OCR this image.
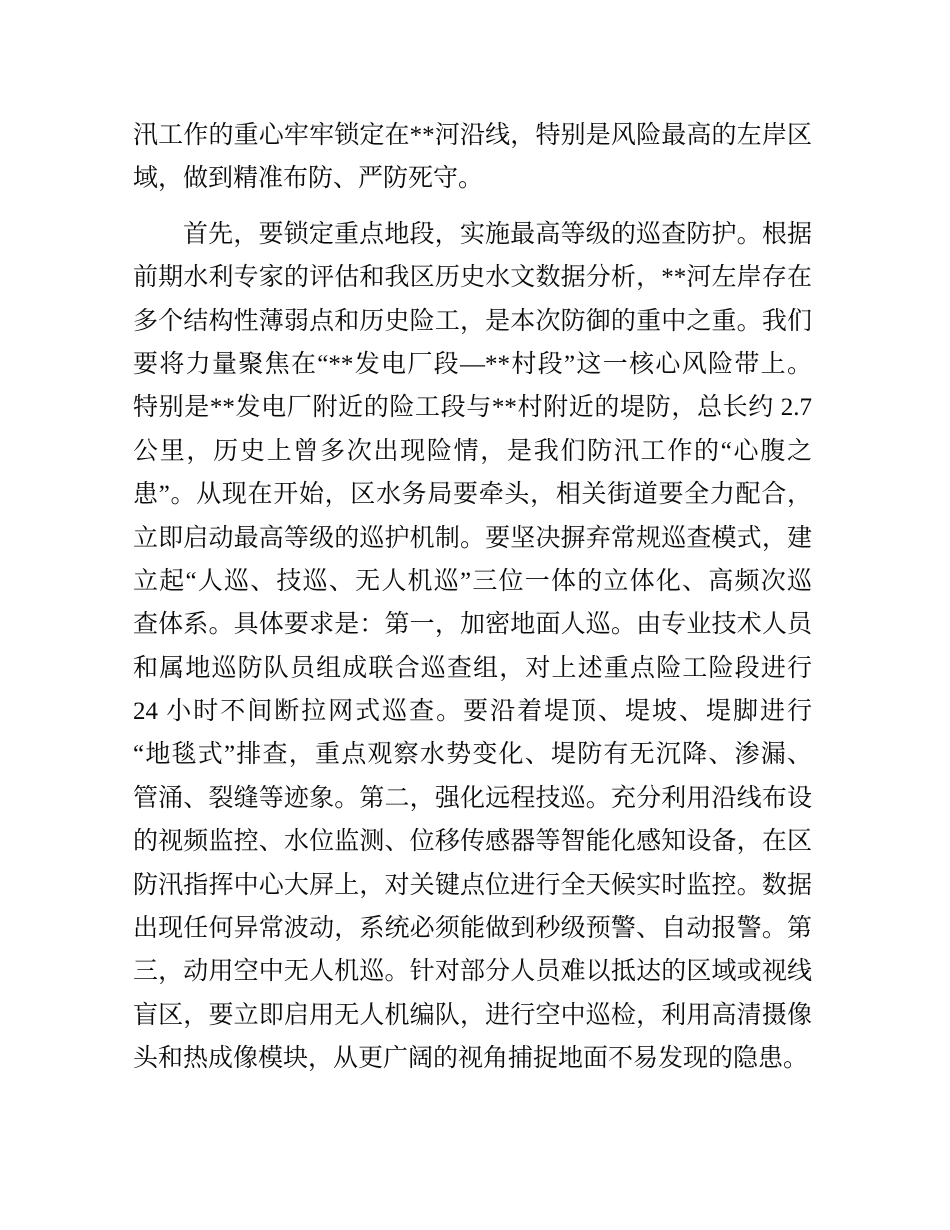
汛工作的重心牢牢锁定在**河沿线，特别是风险最高的左岸区
域，做到精准布防、严防死守。
首先，要锁定重点地段，实施最高等级的巡查防护。根据
前期水利专家的评估和我区历史水文数据分析，**河左岸存在
多个结构性薄弱点和历史险工，是本次防御的重中之重。我们
要将力量聚焦在“**发电厂段—**村段”这一核心风险带上。
特别是**发电厂附近的险工段与**村附近的堤防，总长约 2.7
公里，历史上曾多次出现险情，是我们防汛工作的“心腹之
患”。从现在开始，区水务局要牵头，相关街道要全力配合，
立即启动最高等级的巡护机制。要坚决摒弃常规巡查模式，建
立起“人巡、技巡、无人机巡”三位一体的立体化、高频次巡
查体系。具体要求是：第一，加密地面人巡。由专业技术人员
和属地巡防队员组成联合巡查组，对上述重点险工险段进行
24 小时不间断拉网式巡查。要沿着堤顶、堤坡、堤脚进行
“地毯式”排查，重点观察水势变化、堤防有无沉降、渗漏、
管涌、裂缝等迹象。第二，强化远程技巡。充分利用沿线布设
的视频监控、水位监测、位移传感器等智能化感知设备，在区
防汛指挥中心大屏上，对关键点位进行全天候实时监控。数据
出现任何异常波动，系统必须能做到秒级预警、自动报警。第
三，动用空中无人机巡。针对部分人员难以抵达的区域或视线
盲区，要立即启用无人机编队，进行空中巡检，利用高清摄像
头和热成像模块，从更广阔的视角捕捉地面不易发现的隐患。
